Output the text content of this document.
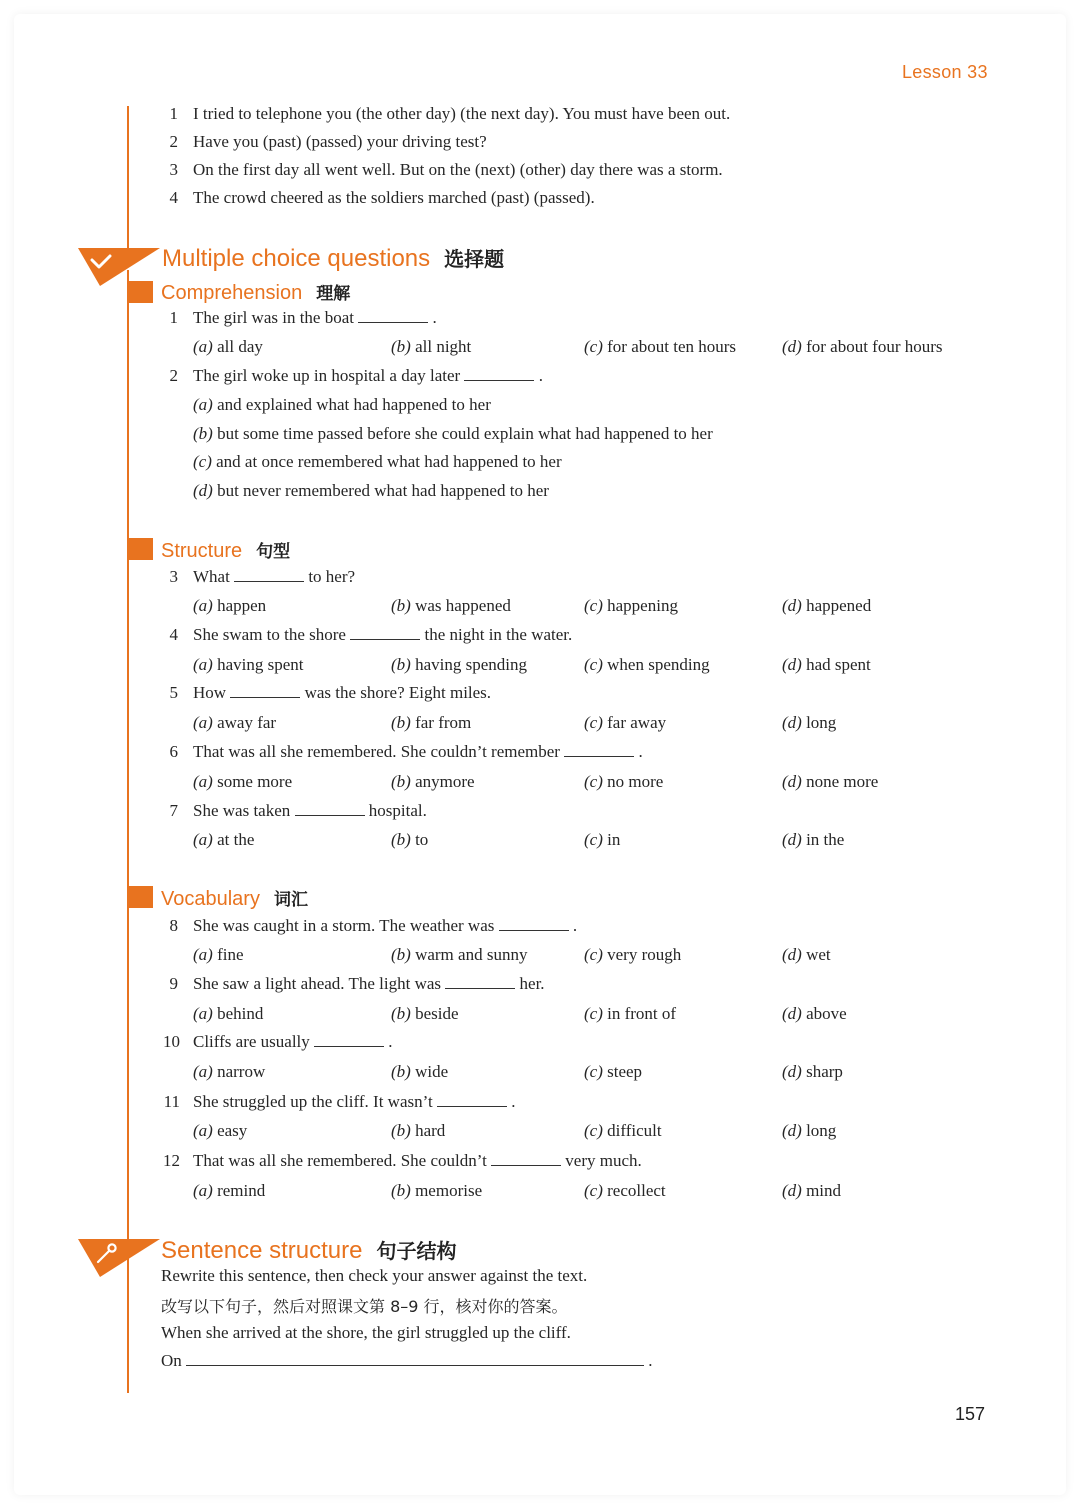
Lesson 33
1 I tried to telephone you (the other day) (the next day). You must have been out.
2 Have you (past) (passed) your driving test?
3 On the first day all went well. But on the (next) (other) day there was a storm.
4 The crowd cheered as the soldiers marched (past) (passed).
Multiple choice questions 选择题
Comprehension 理解
1 The girl was in the boat	.
(a) all day	(b) all night	(c) for about ten hours	(d) for about four hours
2 The girl woke up in hospital a day later	.
(a) and explained what had happened to her
(b) but some time passed before she could explain what had happened to her
(c) and at once remembered what had happened to her
(d) but never remembered what had happened to her
Structure 句型
3 What	to her?
(a) happen	(b) was happened	(c) happening	(d) happened
4 She swam to the shore	the night in the water.
(a) having spent	(b) having spending	(c) when spending	(d) had spent
5 How	was the shore? Eight miles.
(a) away far	(b) far from	(c) far away	(d) long
6 That was all she remembered. She couldn’t remember	.
(a) some more	(b) anymore	(c) no more	(d) none more
7 She was taken	hospital.
(a) at the	(b) to	(c) in	(d) in the
Vocabulary 词汇
8 She was caught in a storm. The weather was	.
(a) fine	(b) warm and sunny	(c) very rough	(d) wet
9 She saw a light ahead. The light was	her.
(a) behind	(b) beside	(c) in front of	(d) above
10 Cliffs are usually	.
(a) narrow	(b) wide	(c) steep	(d) sharp
11 She struggled up the cliff. It wasn’t	.
(a) easy	(b) hard	(c) difficult	(d) long
12 That was all she remembered. She couldn’t	very much.
(a) remind	(b) memorise	(c) recollect	(d) mind
Sentence structure 句子结构
Rewrite this sentence, then check your answer against the text.
改写以下句子，然后对照课文第 8–9 行，核对你的答案。
When she arrived at the shore, the girl struggled up the cliff.
On	.
157
